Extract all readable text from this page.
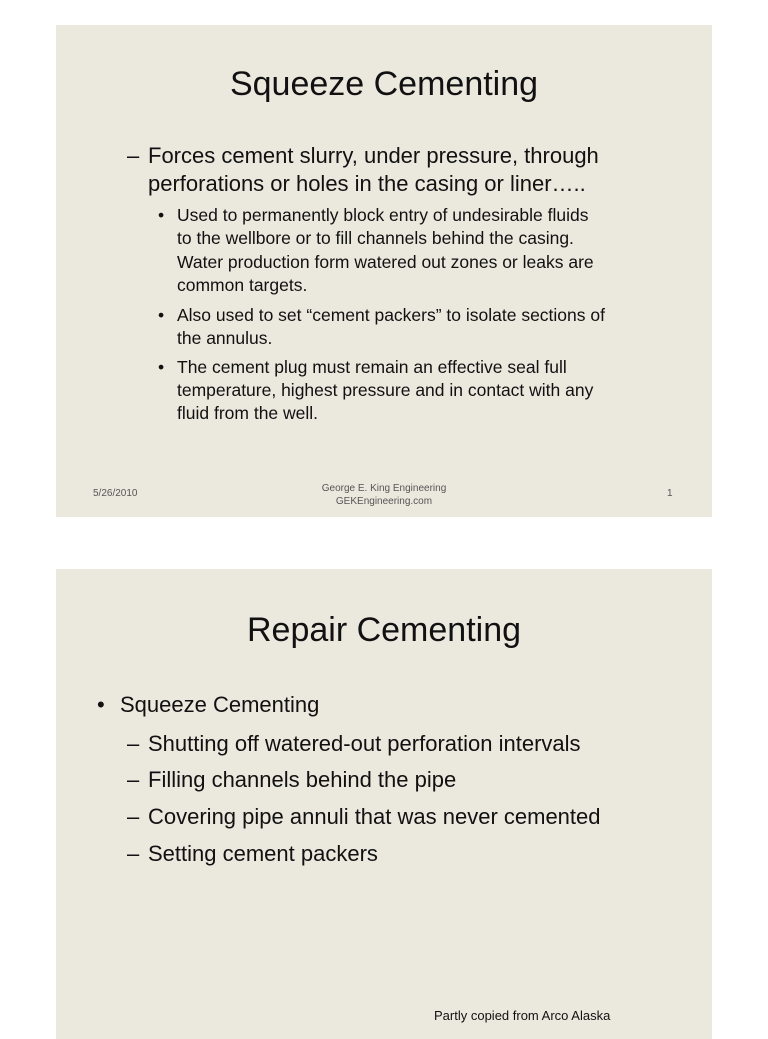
Squeeze Cementing
– Forces cement slurry, under pressure, through
perforations or holes in the casing or liner…..
• Used to permanently block entry of undesirable fluids
to the wellbore or to fill channels behind the casing.
Water production form watered out zones or leaks are
common targets.
• Also used to set “cement packers” to isolate sections of
the annulus.
• The cement plug must remain an effective seal full
temperature, highest pressure and in contact with any
fluid from the well.
5/26/2010	George E. King Engineering
GEKEngineering.com
1
Repair Cementing
• Squeeze Cementing
– Shutting off watered-out perforation intervals
– Filling channels behind the pipe
– Covering pipe annuli that was never cemented
– Setting cement packers
Partly copied from Arco Alaska
